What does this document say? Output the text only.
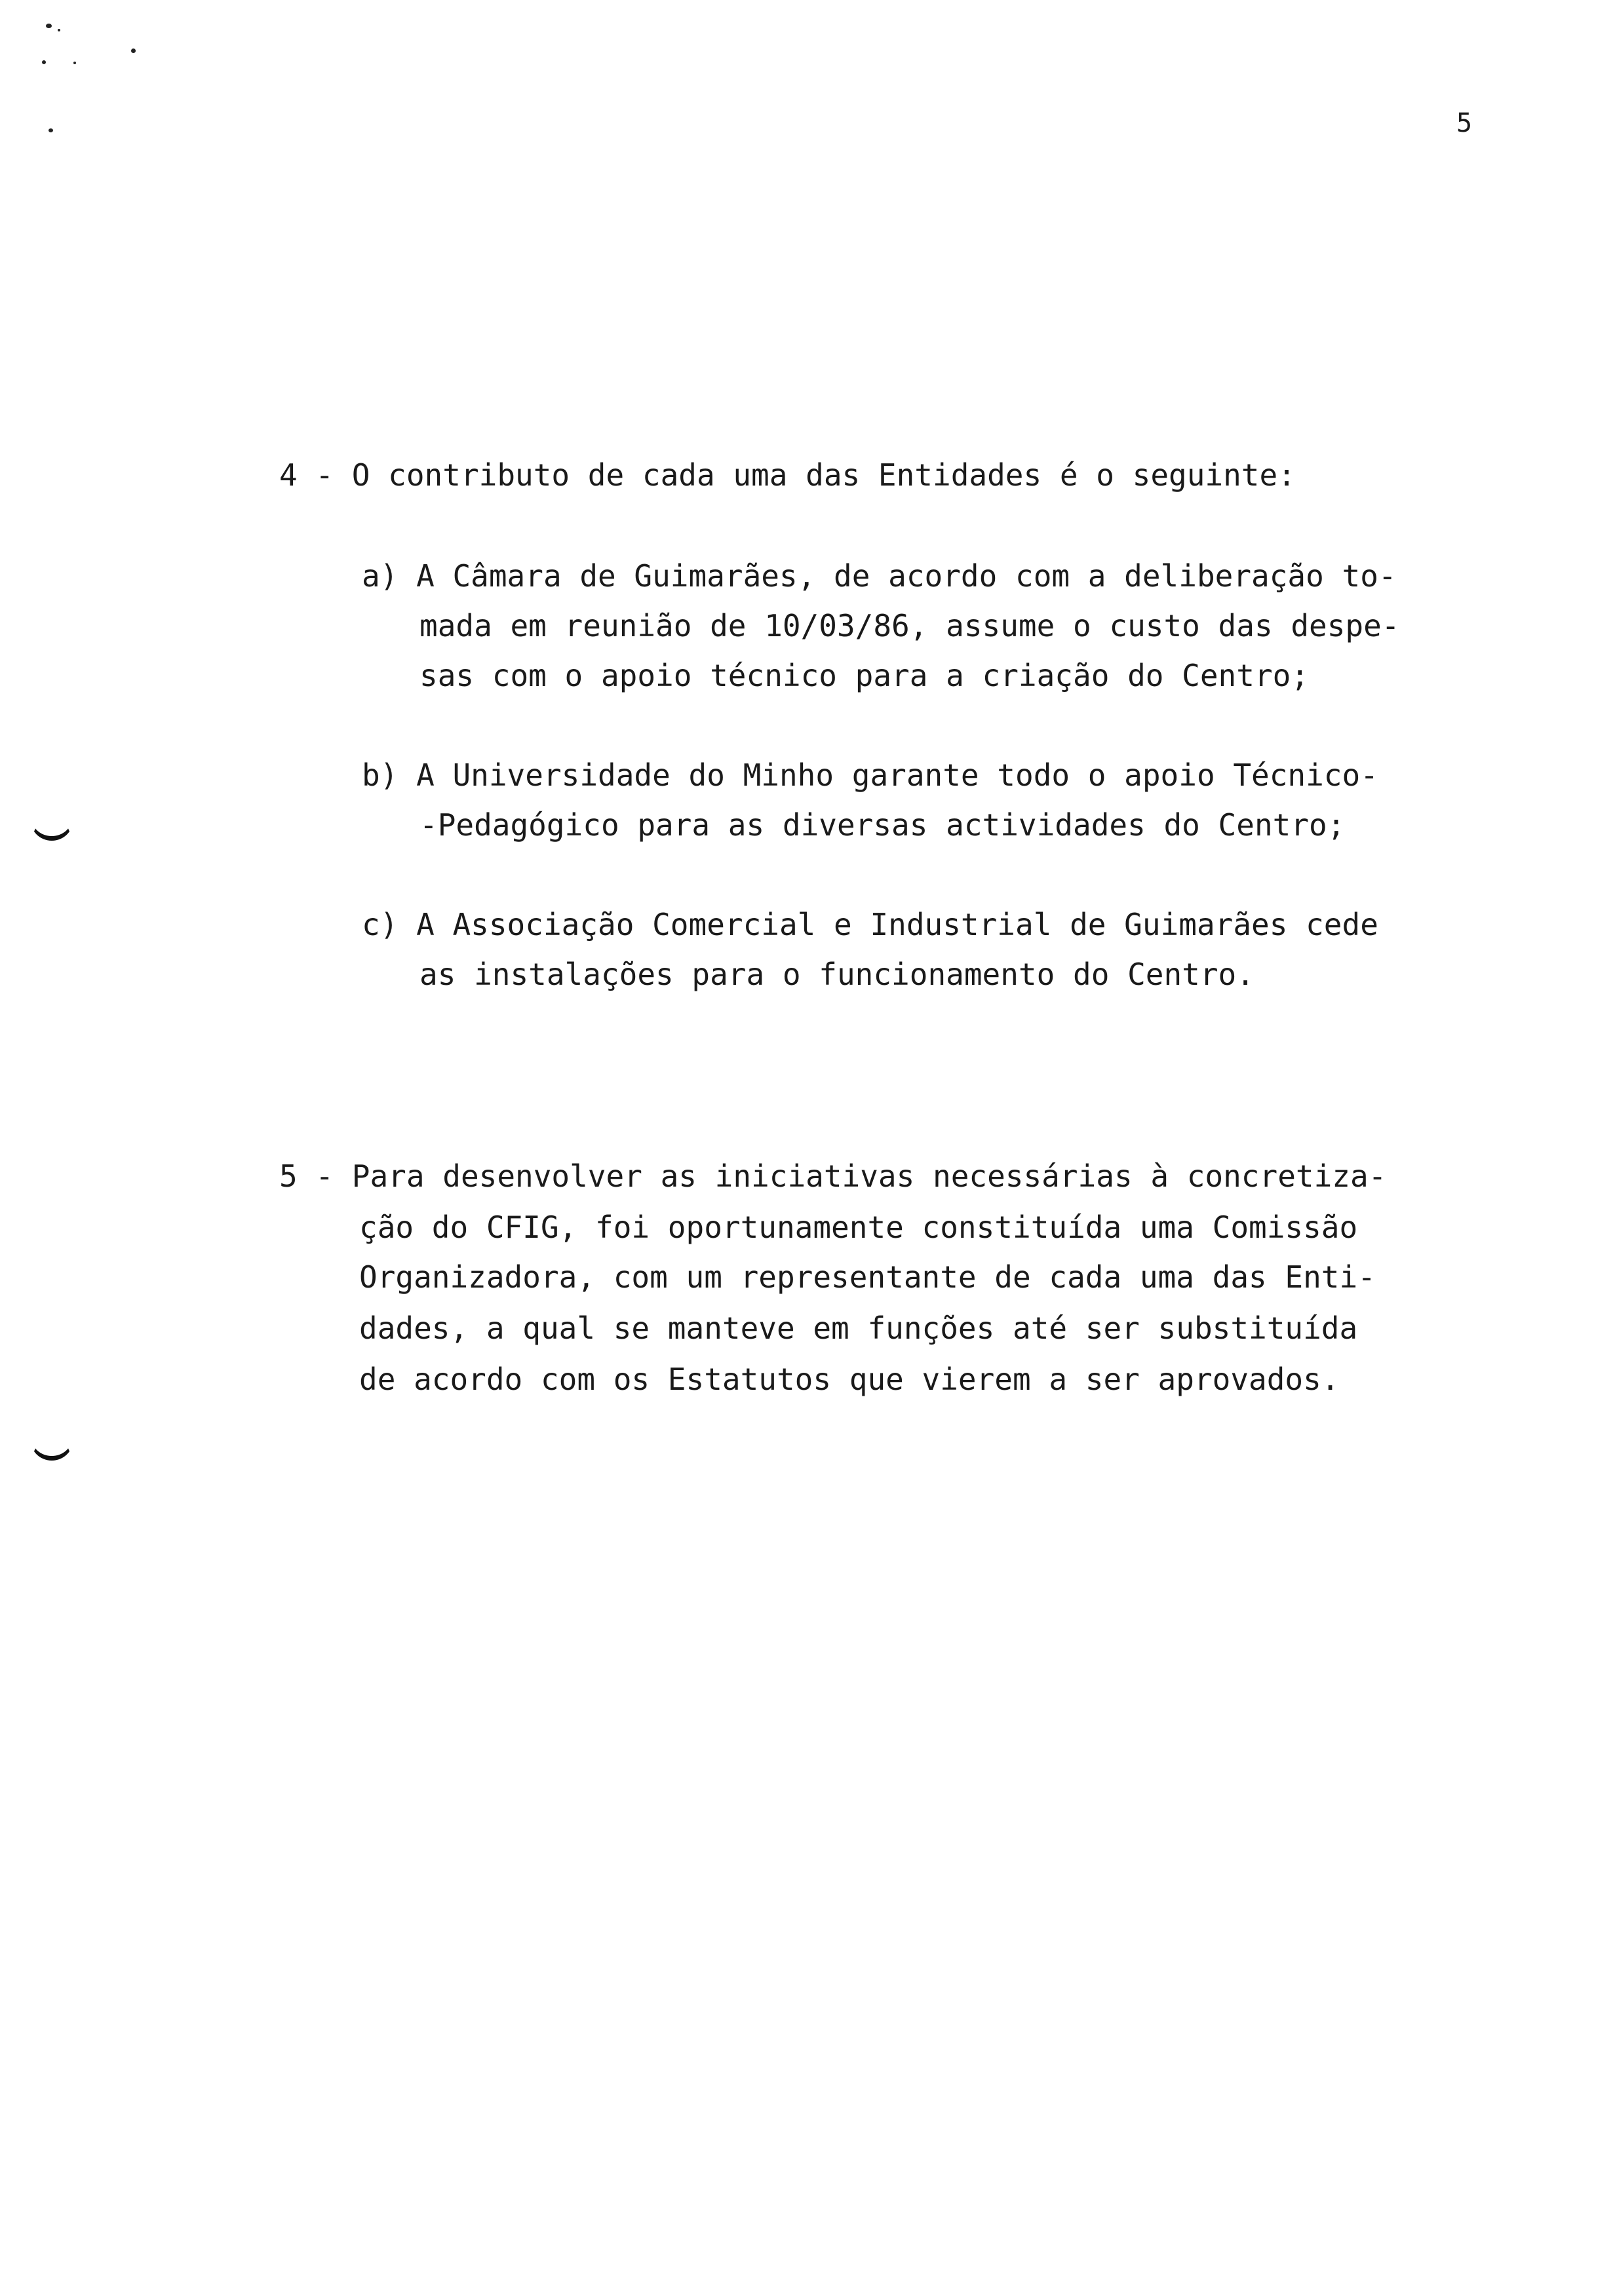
5
4 - O contributo de cada uma das Entidades é o seguinte:
a) A Câmara de Guimarães, de acordo com a deliberação to-
mada em reunião de 10/03/86, assume o custo das despe-
sas com o apoio técnico para a criação do Centro;
b) A Universidade do Minho garante todo o apoio Técnico-
-Pedagógico para as diversas actividades do Centro;
c) A Associação Comercial e Industrial de Guimarães cede
as instalações para o funcionamento do Centro.
5 - Para desenvolver as iniciativas necessárias à concretiza-
ção do CFIG, foi oportunamente constituída uma Comissão
Organizadora, com um representante de cada uma das Enti-
dades, a qual se manteve em funções até ser substituída
de acordo com os Estatutos que vierem a ser aprovados.
